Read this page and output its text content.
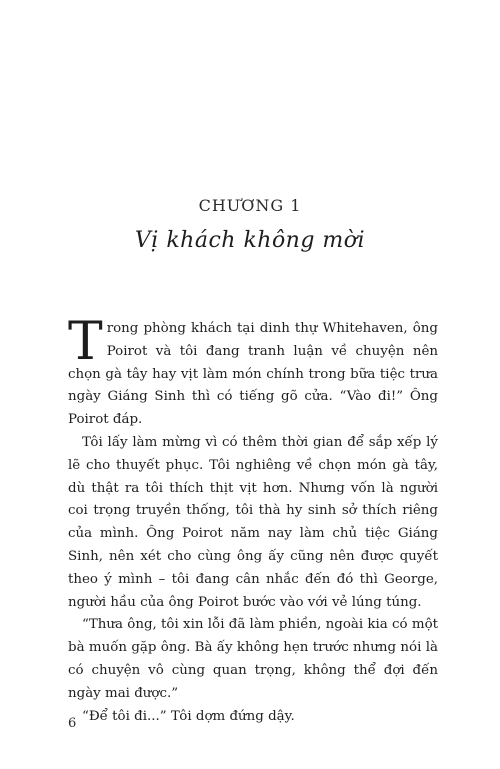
CHƯƠNG 1
Vị khách không mời

Trong phòng khách tại dinh thự Whitehaven, ông Poirot và tôi đang tranh luận về chuyện nên chọn gà tây hay vịt làm món chính trong bữa tiệc trưa ngày Giáng Sinh thì có tiếng gõ cửa. “Vào đi!” Ông Poirot đáp.

Tôi lấy làm mừng vì có thêm thời gian để sắp xếp lý lẽ cho thuyết phục. Tôi nghiêng về chọn món gà tây, dù thật ra tôi thích thịt vịt hơn. Nhưng vốn là người coi trọng truyền thống, tôi thà hy sinh sở thích riêng của mình. Ông Poirot năm nay làm chủ tiệc Giáng Sinh, nên xét cho cùng ông ấy cũng nên được quyết theo ý mình – tôi đang cân nhắc đến đó thì George, người hầu của ông Poirot bước vào với vẻ lúng túng.

“Thưa ông, tôi xin lỗi đã làm phiền, ngoài kia có một bà muốn gặp ông. Bà ấy không hẹn trước nhưng nói là có chuyện vô cùng quan trọng, không thể đợi đến ngày mai được.”

“Để tôi đi...” Tôi dợm đứng dậy.

6
